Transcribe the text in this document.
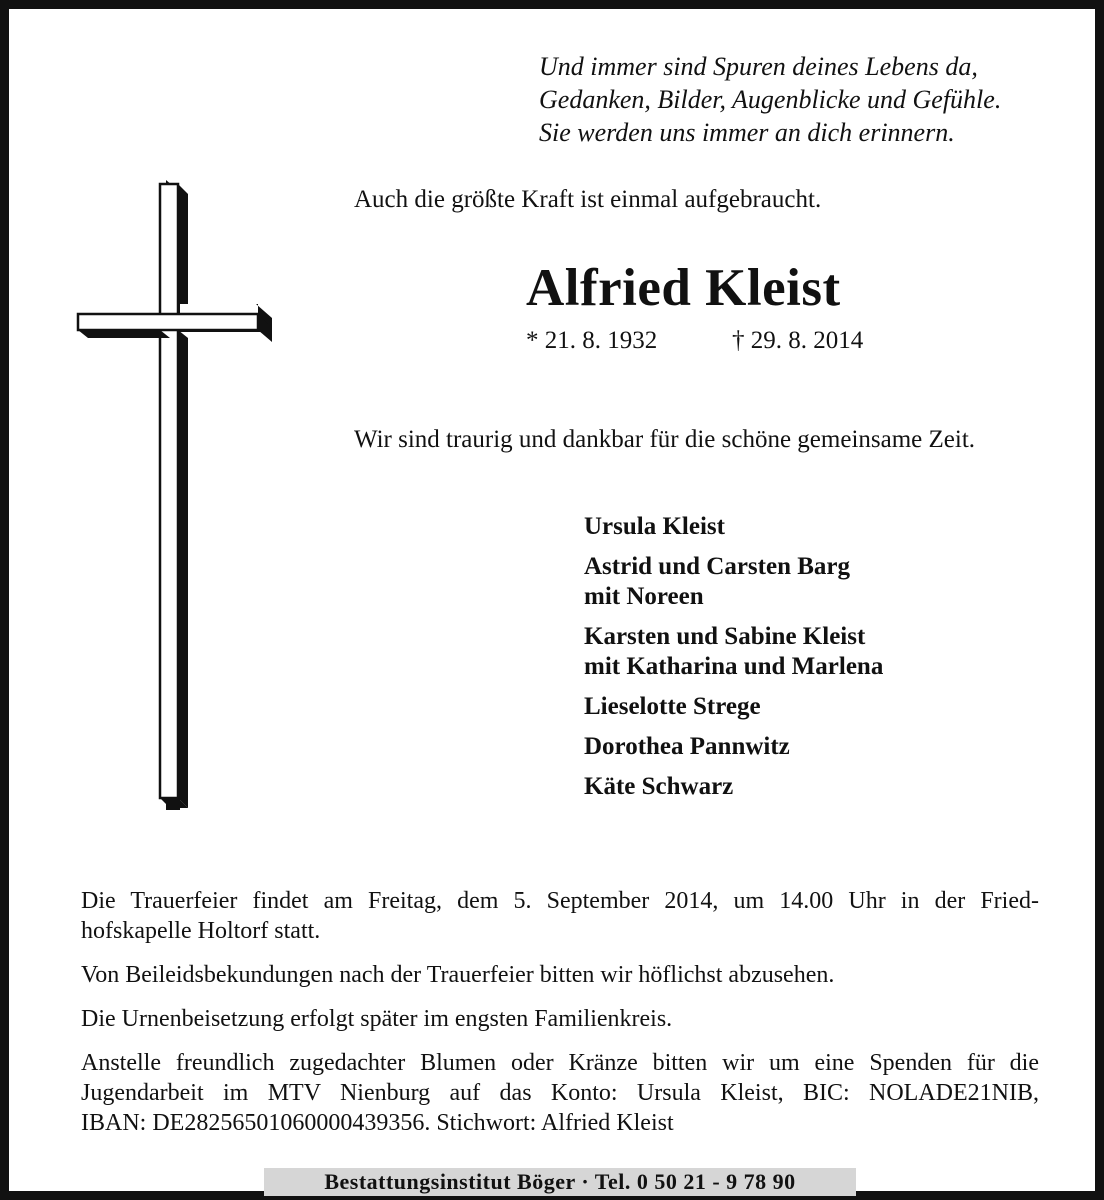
Und immer sind Spuren deines Lebens da,
Gedanken, Bilder, Augenblicke und Gefühle.
Sie werden uns immer an dich erinnern.
Auch die größte Kraft ist einmal aufgebraucht.
Alfried Kleist
* 21. 8. 1932	† 29. 8. 2014
Wir sind traurig und dankbar für die schöne gemeinsame Zeit.
Ursula Kleist
Astrid und Carsten Barg
mit Noreen
Karsten und Sabine Kleist
mit Katharina und Marlena
Lieselotte Strege
Dorothea Pannwitz
Käte Schwarz

Die Trauerfeier findet am Freitag, dem 5. September 2014, um 14.00 Uhr in der Fried-
hofskapelle Holtorf statt.

Von Beileidsbekundungen nach der Trauerfeier bitten wir höflichst abzusehen.

Die Urnenbeisetzung erfolgt später im engsten Familienkreis.

Anstelle freundlich zugedachter Blumen oder Kränze bitten wir um eine Spenden für die
Jugendarbeit im MTV Nienburg auf das Konto: Ursula Kleist, BIC: NOLADE21NIB,
IBAN: DE28256501060000439356. Stichwort: Alfried Kleist

Bestattungsinstitut Böger · Tel. 0 50 21 - 9 78 90
